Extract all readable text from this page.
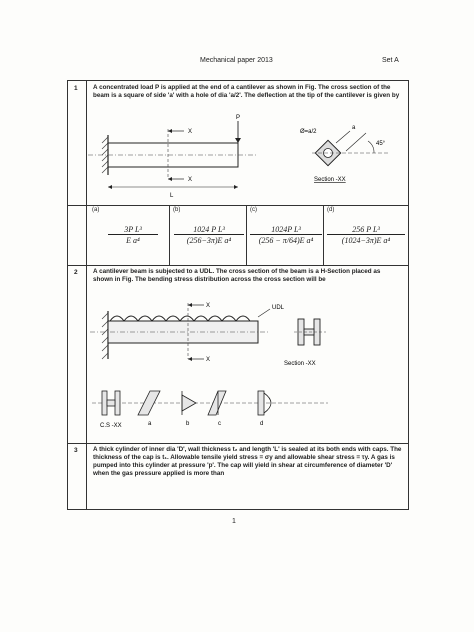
Mechanical paper 2013	Set A
1 A concentrated load P is applied at the end of a cantilever as shown in Fig. The cross section of the beam is a square of side 'a' with a hole of dia 'a/2'. The deflection at the tip of the cantilever is given by
P
X
X
L
Ø=a/2
a
45°
Section -XX
(a)	(b)	(c)	(d)
$\frac{\text{3P L³}}{\text{E a⁴}} \frac{\text{1024 P L³}}{\text{(256−3π)E a⁴}} \frac{\text{1024P L³}}{\text{(256 − π/64)E a⁴}} \frac{\text{256 P L³}}{\text{(1024−3π)E a⁴}}$
2 A cantilever beam is subjected to a UDL. The cross section of the beam is a H-Section placed as shown in Fig. The bending stress distribution across the cross section will be
X
X
UDL
Section -XX
C.S -XX	a	b	c	d
3 A thick cylinder of inner dia 'D', wall thickness t₂ and length 'L' is sealed at its both ends with caps. The thickness of the cap is t₁. Allowable tensile yield stress = σy and allowable shear stress = τy. A gas is pumped into this cylinder at pressure 'p'. The cap will yield in shear at circumference of diameter 'D' when the gas pressure applied is more than
1
